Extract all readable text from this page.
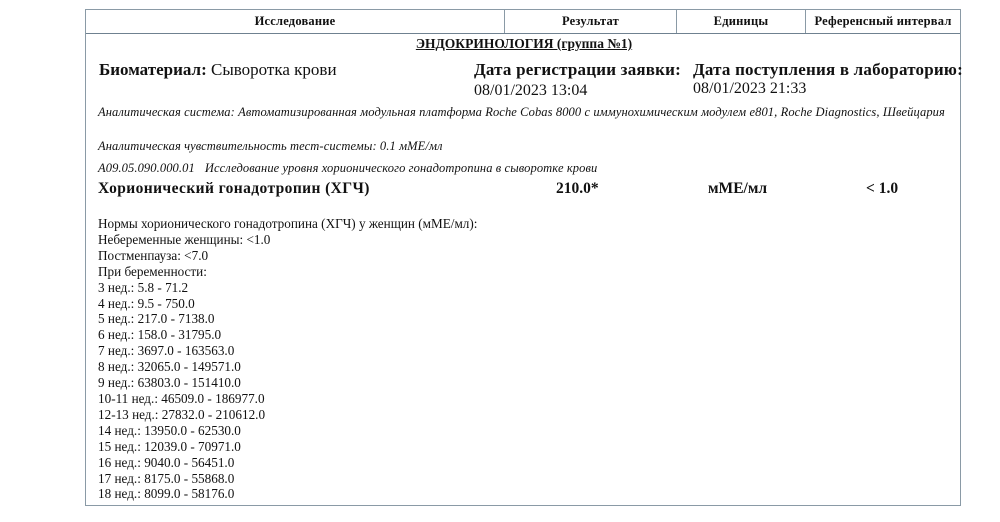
Исследование	Результат	Единицы	Референсный интервал
ЭНДОКРИНОЛОГИЯ (группа №1)
Биоматериал: Сыворотка крови	Дата регистрации заявки:
08/01/2023 13:04
Дата поступления в лабораторию:
08/01/2023 21:33
Аналитическая система: Автоматизированная модульная платформа Roche Cobas 8000 с иммунохимическим модулем e801, Roche Diagnostics, Швейцария
Аналитическая чувствительность тест-системы: 0.1 мМЕ/мл
A09.05.090.000.01 Исследование уровня хорионического гонадотропина в сыворотке крови
Хорионический гонадотропин (ХГЧ)	210.0*	мМЕ/мл	< 1.0
Нормы хорионического гонадотропина (ХГЧ) у женщин (мМЕ/мл):
Небеременные женщины: <1.0
Постменпауза: <7.0
При беременности:
3 нед.: 5.8 - 71.2
4 нед.: 9.5 - 750.0
5 нед.: 217.0 - 7138.0
6 нед.: 158.0 - 31795.0
7 нед.: 3697.0 - 163563.0
8 нед.: 32065.0 - 149571.0
9 нед.: 63803.0 - 151410.0
10-11 нед.: 46509.0 - 186977.0
12-13 нед.: 27832.0 - 210612.0
14 нед.: 13950.0 - 62530.0
15 нед.: 12039.0 - 70971.0
16 нед.: 9040.0 - 56451.0
17 нед.: 8175.0 - 55868.0
18 нед.: 8099.0 - 58176.0
